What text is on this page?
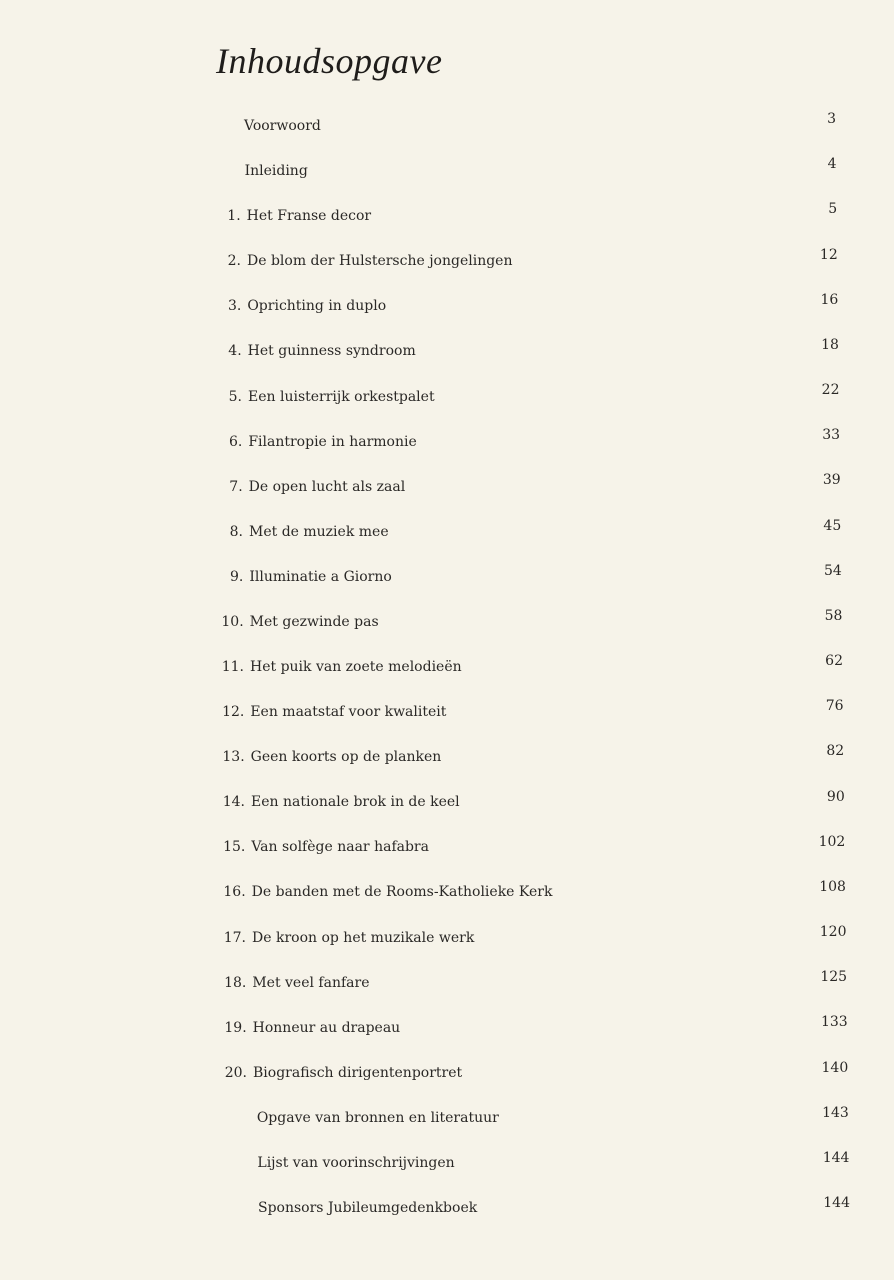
Inhoudsopgave
Voorwoord	3
Inleiding	4
1. Het Franse decor	5
2. De blom der Hulstersche jongelingen	12
3. Oprichting in duplo	16
4. Het guinness syndroom	18
5. Een luisterrijk orkestpalet	22
6. Filantropie in harmonie	33
7. De open lucht als zaal	39
8. Met de muziek mee	45
9. Illuminatie a Giorno	54
10. Met gezwinde pas	58
11. Het puik van zoete melodieën	62
12. Een maatstaf voor kwaliteit	76
13. Geen koorts op de planken	82
14. Een nationale brok in de keel	90
15. Van solfège naar hafabra	102
16. De banden met de Rooms-Katholieke Kerk	108
17. De kroon op het muzikale werk	120
18. Met veel fanfare	125
19. Honneur au drapeau	133
20. Biografisch dirigentenportret	140
Opgave van bronnen en literatuur	143
Lijst van voorinschrijvingen	144
Sponsors Jubileumgedenkboek	144
